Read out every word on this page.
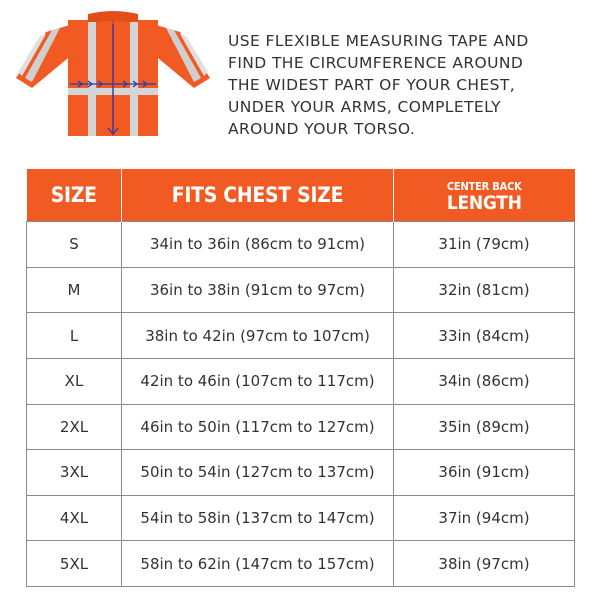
USE FLEXIBLE MEASURING TAPE AND
FIND THE CIRCUMFERENCE AROUND
THE WIDEST PART OF YOUR CHEST,
UNDER YOUR ARMS, COMPLETELY
AROUND YOUR TORSO.

SIZE	FITS CHEST SIZE	CENTER BACK
LENGTH

S	34in to 36in (86cm to 91cm)	31in (79cm)
M	36in to 38in (91cm to 97cm)	32in (81cm)
L	38in to 42in (97cm to 107cm)	33in (84cm)
XL	42in to 46in (107cm to 117cm)	34in (86cm)
2XL	46in to 50in (117cm to 127cm)	35in (89cm)
3XL	50in to 54in (127cm to 137cm)	36in (91cm)
4XL	54in to 58in (137cm to 147cm)	37in (94cm)
5XL	58in to 62in (147cm to 157cm)	38in (97cm)
